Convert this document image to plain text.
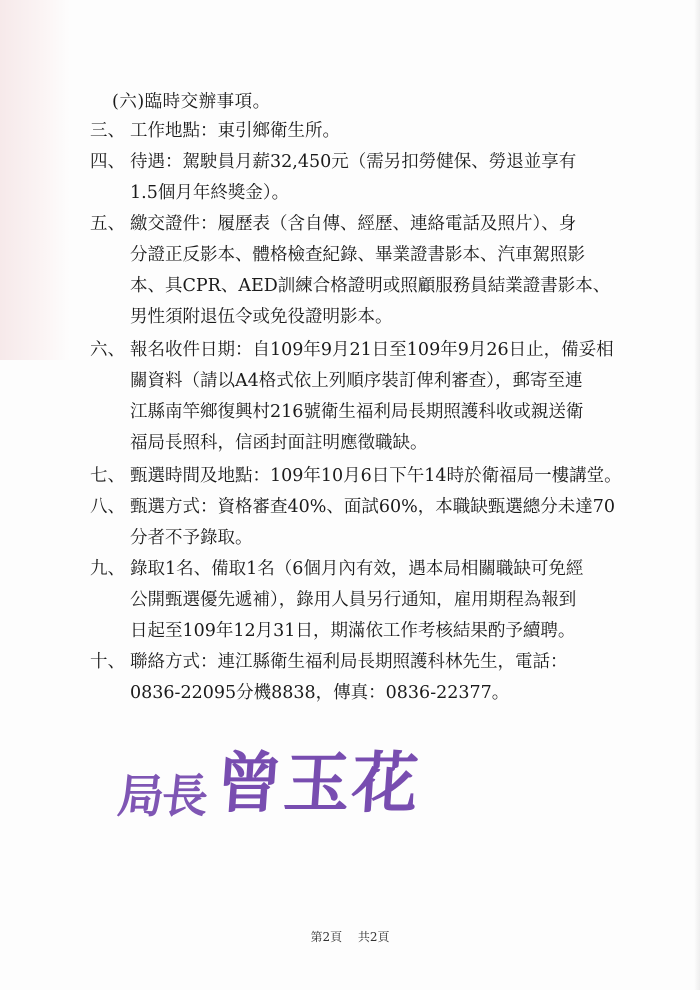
(六)臨時交辦事項。
三、 工作地點：東引鄉衛生所。
四、 待遇：駕駛員月薪32,450元（需另扣勞健保、勞退並享有
1.5個月年終獎金）。
五、 繳交證件：履歷表（含自傳、經歷、連絡電話及照片）、身
分證正反影本、體格檢查紀錄、畢業證書影本、汽車駕照影
本、具CPR、AED訓練合格證明或照顧服務員結業證書影本、
男性須附退伍令或免役證明影本。
六、 報名收件日期：自109年9月21日至109年9月26日止，備妥相
關資料（請以A4格式依上列順序裝訂俾利審查），郵寄至連
江縣南竿鄉復興村216號衛生福利局長期照護科收或親送衛
福局長照科，信函封面註明應徵職缺。
七、 甄選時間及地點：109年10月6日下午14時於衛福局一樓講堂。
八、 甄選方式：資格審查40%、面試60%，本職缺甄選總分未達70
分者不予錄取。
九、 錄取1名、備取1名（6個月內有效，遇本局相關職缺可免經
公開甄選優先遞補），錄用人員另行通知，雇用期程為報到
日起至109年12月31日，期滿依工作考核結果酌予續聘。
十、 聯絡方式：連江縣衛生福利局長期照護科林先生，電話：
0836-22095分機8838，傳真：0836-22377。
局長 曾玉花
第2頁 共2頁
